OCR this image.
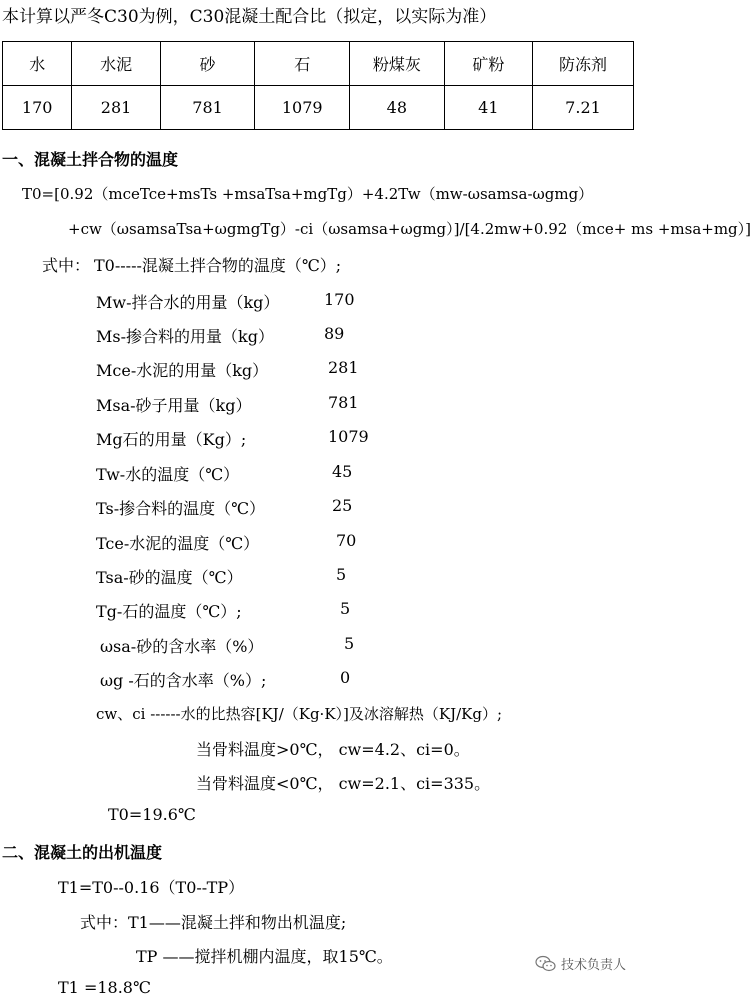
本计算以严冬C30为例，C30混凝土配合比（拟定，以实际为准）
水	水泥	砂	石	粉煤灰	矿粉	防冻剂
170	281	781	1079	48	41	7.21
一、混凝土拌合物的温度
T0=[0.92（mceTce+msTs +msaTsa+mgTg）+4.2Tw（mw-ωsamsa-ωgmg）
+cw（ωsamsaTsa+ωgmgTg）-ci（ωsamsa+ωgmg）]/[4.2mw+0.92（mce+ ms +msa+mg）]
式中： T0-----混凝土拌合物的温度（℃）;
Mw-拌合水的用量（kg）	170
Ms-掺合料的用量（kg）	89
Mce-水泥的用量（kg）	281
Msa-砂子用量（kg）	781
Mg石的用量（Kg）;	1079
Tw-水的温度（℃）	45
Ts-掺合料的温度（℃）	25
Tce-水泥的温度（℃）	70
Tsa-砂的温度（℃）	5
Tg-石的温度（℃）;	5
ωsa-砂的含水率（%）	5
ωg -石的含水率（%）;	0
cw、ci ------水的比热容[KJ/（Kg·K）]及冰溶解热（KJ/Kg）;
当骨料温度>0℃， cw=4.2、ci=0。
当骨料温度<0℃， cw=2.1、ci=335。
T0=19.6℃
二、混凝土的出机温度
T1=T0--0.16（T0--TP）
式中：T1——混凝土拌和物出机温度;
TP ——搅拌机棚内温度，取15℃。
T1 =18.8℃
技术负责人
